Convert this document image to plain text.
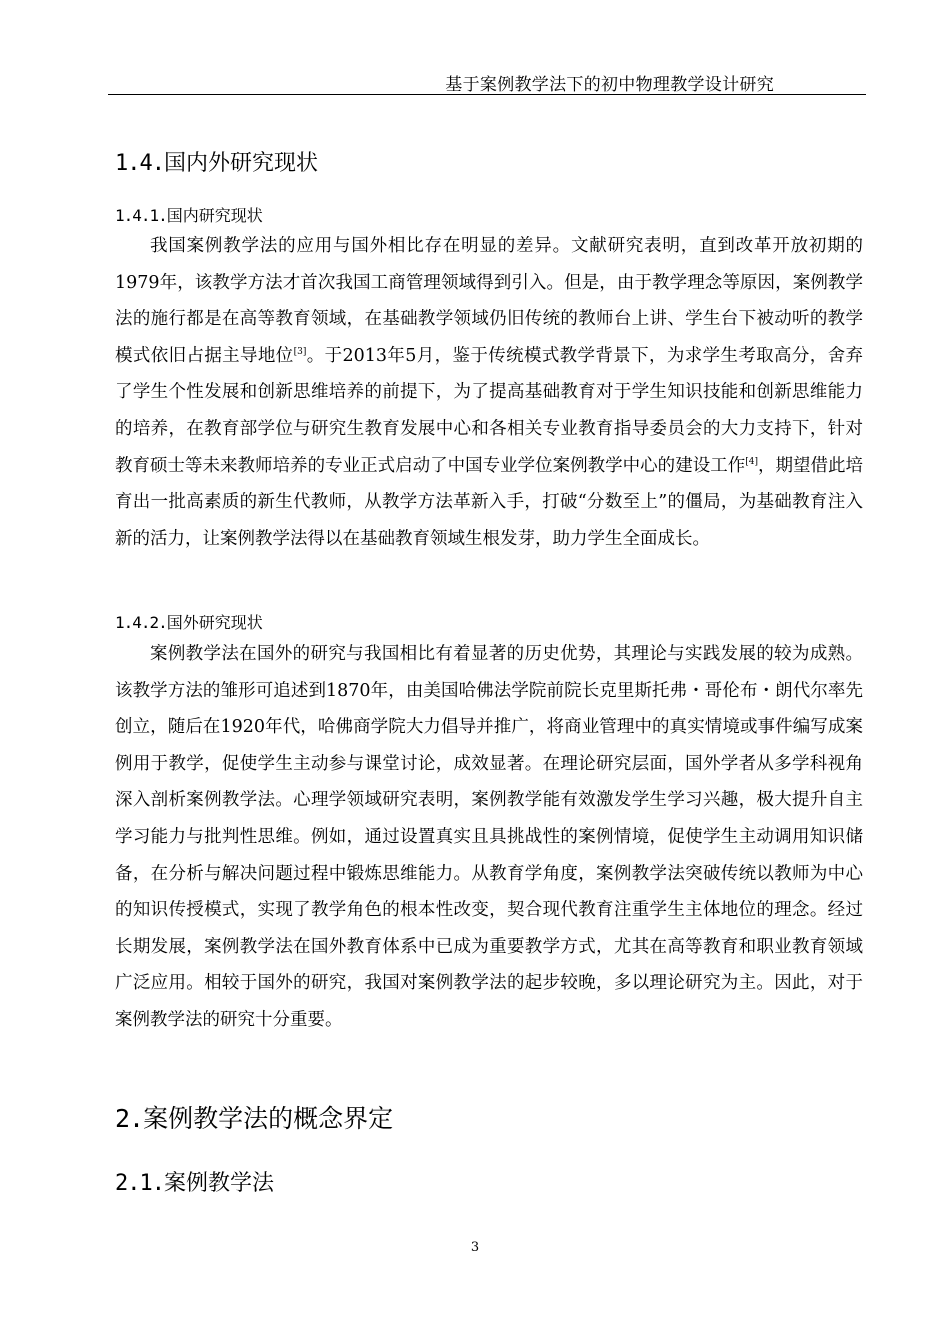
基于案例教学法下的初中物理教学设计研究
1.4.国内外研究现状
1.4.1.国内研究现状

我国案例教学法的应用与国外相比存在明显的差异。文献研究表明，直到改革开放初期的1979年，该教学方法才首次我国工商管理领域得到引入。但是，由于教学理念等原因，案例教学法的施行都是在高等教育领域，在基础教学领域仍旧传统的教师台上讲、学生台下被动听的教学模式依旧占据主导地位[3]。于2013年5月，鉴于传统模式教学背景下，为求学生考取高分，舍弃了学生个性发展和创新思维培养的前提下，为了提高基础教育对于学生知识技能和创新思维能力的培养，在教育部学位与研究生教育发展中心和各相关专业教育指导委员会的大力支持下，针对教育硕士等未来教师培养的专业正式启动了中国专业学位案例教学中心的建设工作[4]，期望借此培育出一批高素质的新生代教师，从教学方法革新入手，打破“分数至上”的僵局，为基础教育注入新的活力，让案例教学法得以在基础教育领域生根发芽，助力学生全面成长。

1.4.2.国外研究现状

案例教学法在国外的研究与我国相比有着显著的历史优势，其理论与实践发展的较为成熟。该教学方法的雏形可追述到1870年，由美国哈佛法学院前院长克里斯托弗・哥伦布・朗代尔率先创立，随后在1920年代，哈佛商学院大力倡导并推广，将商业管理中的真实情境或事件编写成案例用于教学，促使学生主动参与课堂讨论，成效显著。在理论研究层面，国外学者从多学科视角深入剖析案例教学法。心理学领域研究表明，案例教学能有效激发学生学习兴趣，极大提升自主学习能力与批判性思维。例如，通过设置真实且具挑战性的案例情境，促使学生主动调用知识储备，在分析与解决问题过程中锻炼思维能力。从教育学角度，案例教学法突破传统以教师为中心的知识传授模式，实现了教学角色的根本性改变，契合现代教育注重学生主体地位的理念。经过长期发展，案例教学法在国外教育体系中已成为重要教学方式，尤其在高等教育和职业教育领域广泛应用。相较于国外的研究，我国对案例教学法的起步较晚，多以理论研究为主。因此，对于案例教学法的研究十分重要。

2.案例教学法的概念界定
2.1.案例教学法
3
